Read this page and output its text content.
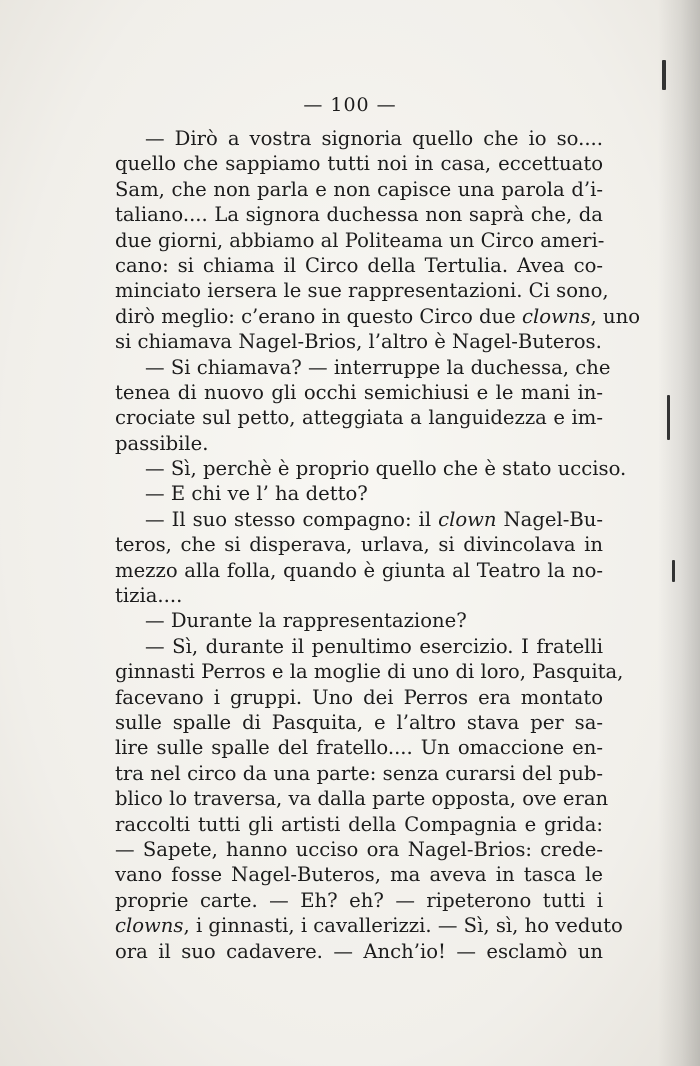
— 100 —
— Dirò a vostra signoria quello che io so....
quello che sappiamo tutti noi in casa, eccettuato
Sam, che non parla e non capisce una parola d’i-
taliano.... La signora duchessa non saprà che, da
due giorni, abbiamo al Politeama un Circo ameri-
cano: si chiama il Circo della Tertulia. Avea co-
minciato iersera le sue rappresentazioni. Ci sono,
dirò meglio: c’erano in questo Circo due clowns, uno
si chiamava Nagel-Brios, l’altro è Nagel-Buteros.
— Si chiamava? — interruppe la duchessa, che
tenea di nuovo gli occhi semichiusi e le mani in-
crociate sul petto, atteggiata a languidezza e im-
passibile.
— Sì, perchè è proprio quello che è stato ucciso.
— E chi ve l’ ha detto?
— Il suo stesso compagno: il clown Nagel-Bu-
teros, che si disperava, urlava, si divincolava in
mezzo alla folla, quando è giunta al Teatro la no-
tizia....
— Durante la rappresentazione?
— Sì, durante il penultimo esercizio. I fratelli
ginnasti Perros e la moglie di uno di loro, Pasquita,
facevano i gruppi. Uno dei Perros era montato
sulle spalle di Pasquita, e l’altro stava per sa-
lire sulle spalle del fratello.... Un omaccione en-
tra nel circo da una parte: senza curarsi del pub-
blico lo traversa, va dalla parte opposta, ove eran
raccolti tutti gli artisti della Compagnia e grida:
— Sapete, hanno ucciso ora Nagel-Brios: crede-
vano fosse Nagel-Buteros, ma aveva in tasca le
proprie carte. — Eh? eh? — ripeterono tutti i
clowns, i ginnasti, i cavallerizzi. — Sì, sì, ho veduto
ora il suo cadavere. — Anch’io! — esclamò un
